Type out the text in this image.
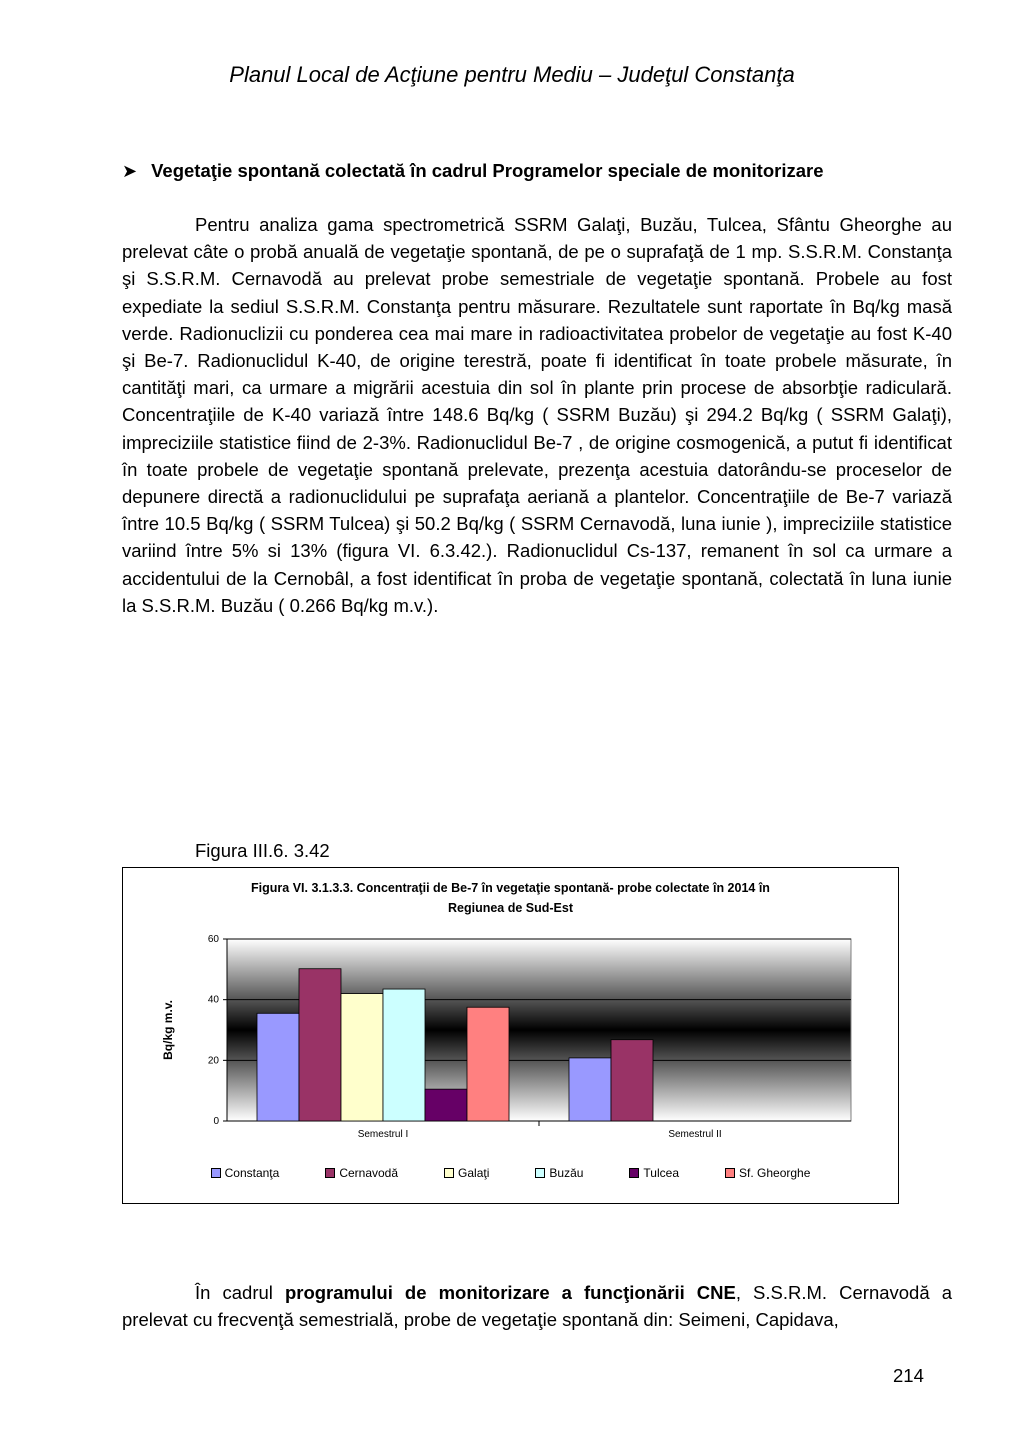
Planul Local de Acţiune pentru Mediu – Judeţul Constanţa
➤ Vegetaţie spontană colectată în cadrul Programelor speciale de monitorizare

Pentru analiza gama spectrometrică SSRM Galaţi, Buzău, Tulcea, Sfântu Gheorghe au prelevat câte o probă anuală de vegetaţie spontană, de pe o suprafaţă de 1 mp. S.S.R.M. Constanţa şi S.S.R.M. Cernavodă au prelevat probe semestriale de vegetaţie spontană. Probele au fost expediate la sediul S.S.R.M. Constanţa pentru măsurare. Rezultatele sunt raportate în Bq/kg masă verde. Radionuclizii cu ponderea cea mai mare in radioactivitatea probelor de vegetaţie au fost K-40 şi Be-7. Radionuclidul K-40, de origine terestră, poate fi identificat în toate probele măsurate, în cantităţi mari, ca urmare a migrării acestuia din sol în plante prin procese de absorbţie radiculară. Concentraţiile de K-40 variază între 148.6 Bq/kg ( SSRM Buzău) şi 294.2 Bq/kg ( SSRM Galaţi), impreciziile statistice fiind de 2-3%. Radionuclidul Be-7 , de origine cosmogenică, a putut fi identificat în toate probele de vegetaţie spontană prelevate, prezenţa acestuia datorându-se proceselor de depunere directă a radionuclidului pe suprafaţa aeriană a plantelor. Concentraţiile de Be-7 variază între 10.5 Bq/kg ( SSRM Tulcea) şi 50.2 Bq/kg ( SSRM Cernavodă, luna iunie ), impreciziile statistice variind între 5% si 13% (figura VI. 6.3.42.). Radionuclidul Cs-137, remanent în sol ca urmare a accidentului de la Cernobâl, a fost identificat în proba de vegetaţie spontană, colectată în luna iunie la S.S.R.M. Buzău ( 0.266 Bq/kg m.v.).

Figura III.6. 3.42
Figura VI. 3.1.3.3. Concentraţii de Be-7 în vegetaţie spontană- probe colectate în 2014 în
Regiunea de Sud-Est
0
20
40
60
Bq/kg m.v.
Semestrul I	Semestrul II
Constanţa	Cernavodă	Galaţi	Buzău	Tulcea	Sf. Gheorghe

În cadrul programului de monitorizare a funcţionării CNE, S.S.R.M. Cernavodă a prelevat cu frecvenţă semestrială, probe de vegetaţie spontană din: Seimeni, Capidava,

214
